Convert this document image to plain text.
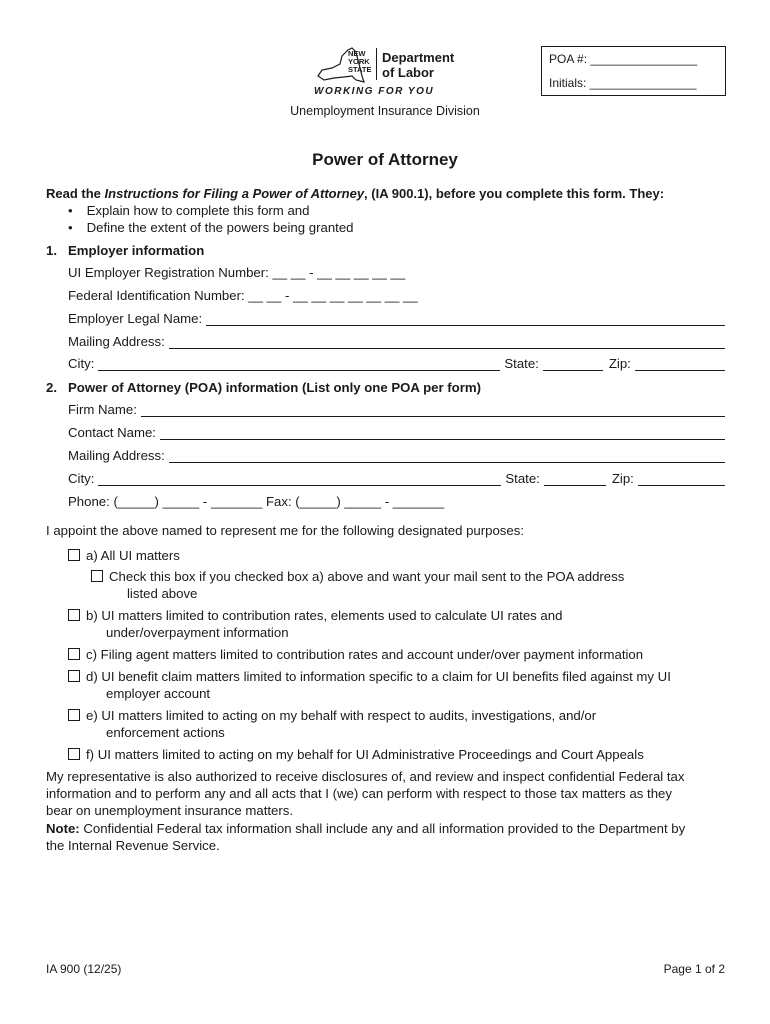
NEW
YORK
STATE
Department
of Labor
WORKING FOR YOU
Unemployment Insurance Division
POA #: ________________
Initials: ________________
Power of Attorney
Read the Instructions for Filing a Power of Attorney, (IA 900.1), before you complete this form. They:
• Explain how to complete this form and
• Define the extent of the powers being granted
1. Employer information
UI Employer Registration Number: __ __ - __ __ __ __ __
Federal Identification Number: __ __ - __ __ __ __ __ __ __
Employer Legal Name:
Mailing Address:
City:	State:	Zip:
2. Power of Attorney (POA) information (List only one POA per form)
Firm Name:
Contact Name:
Mailing Address:
City:	State:	Zip:
Phone: (_____) _____ - _______ Fax: (_____) _____ - _______
I appoint the above named to represent me for the following designated purposes:
a) All UI matters
Check this box if you checked box a) above and want your mail sent to the POA address
listed above
b) UI matters limited to contribution rates, elements used to calculate UI rates and
under/overpayment information
c) Filing agent matters limited to contribution rates and account under/over payment information
d) UI benefit claim matters limited to information specific to a claim for UI benefits filed against my UI
employer account
e) UI matters limited to acting on my behalf with respect to audits, investigations, and/or
enforcement actions
f) UI matters limited to acting on my behalf for UI Administrative Proceedings and Court Appeals
My representative is also authorized to receive disclosures of, and review and inspect confidential Federal tax
information and to perform any and all acts that I (we) can perform with respect to those tax matters as they
bear on unemployment insurance matters.
Note: Confidential Federal tax information shall include any and all information provided to the Department by
the Internal Revenue Service.
IA 900 (12/25)	Page 1 of 2
